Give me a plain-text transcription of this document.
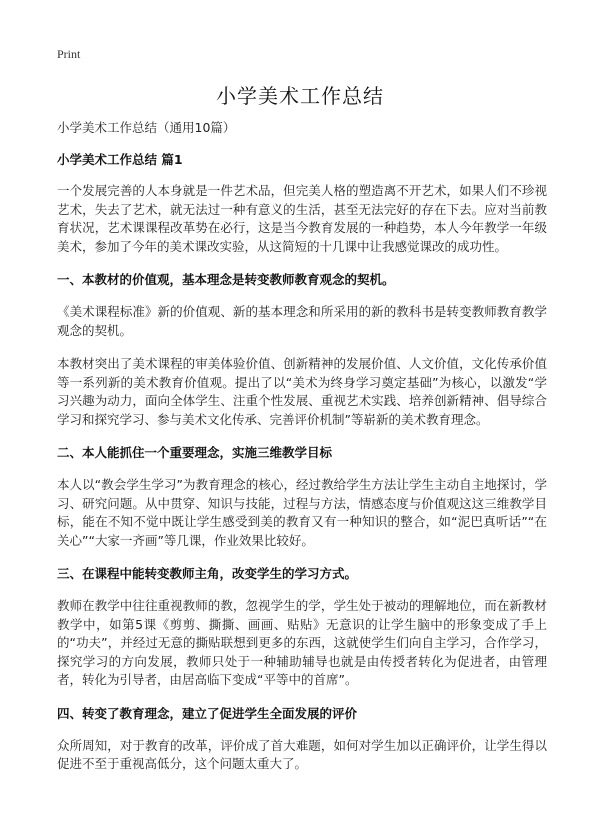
Print
小学美术工作总结

小学美术工作总结（通用10篇）

小学美术工作总结 篇1

一个发展完善的人本身就是一件艺术品，但完美人格的塑造离不开艺术，如果人们不珍视艺术，失去了艺术，就无法过一种有意义的生活，甚至无法完好的存在下去。应对当前教育状况，艺术课课程改革势在必行，这是当今教育发展的一种趋势，本人今年教学一年级美术，参加了今年的美术课改实验，从这简短的十几课中让我感觉课改的成功性。

一、本教材的价值观，基本理念是转变教师教育观念的契机。

《美术课程标准》新的价值观、新的基本理念和所采用的新的教科书是转变教师教育教学观念的契机。

本教材突出了美术课程的审美体验价值、创新精神的发展价值、人文价值，文化传承价值等一系列新的美术教育价值观。提出了以“美术为终身学习奠定基础”为核心，以激发“学习兴趣为动力，面向全体学生、注重个性发展、重视艺术实践、培养创新精神、倡导综合学习和探究学习、参与美术文化传承、完善评价机制”等崭新的美术教育理念。

二、本人能抓住一个重要理念，实施三维教学目标

本人以“教会学生学习”为教育理念的核心，经过教给学生方法让学生主动自主地探讨，学习、研究问题。从中贯穿、知识与技能，过程与方法，情感态度与价值观这这三维教学目标，能在不知不觉中既让学生感受到美的教育又有一种知识的整合，如“泥巴真听话”“在关心”“大家一齐画”等几课，作业效果比较好。

三、在课程中能转变教师主角，改变学生的学习方式。

教师在教学中往往重视教师的教，忽视学生的学，学生处于被动的理解地位，而在新教材教学中，如第5课《剪剪、撕撕、画画、贴贴》无意识的让学生脑中的形象变成了手上的“功夫”，并经过无意的撕贴联想到更多的东西，这就使学生们向自主学习，合作学习，探究学习的方向发展，教师只处于一种辅助辅导也就是由传授者转化为促进者，由管理者，转化为引导者，由居高临下变成“平等中的首席”。

四、转变了教育理念，建立了促进学生全面发展的评价

众所周知，对于教育的改革，评价成了首大难题，如何对学生加以正确评价，让学生得以促进不至于重视高低分，这个问题太重大了。
